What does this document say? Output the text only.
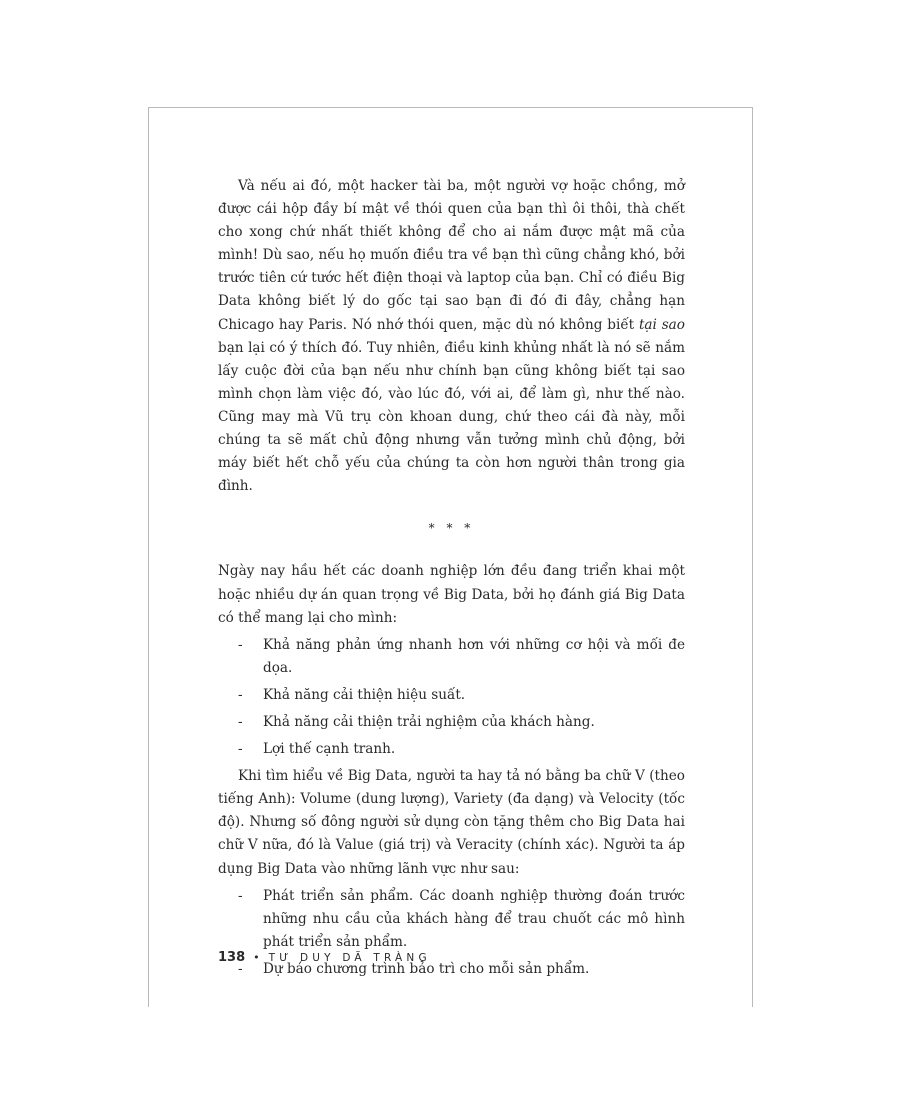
Và nếu ai đó, một hacker tài ba, một người vợ hoặc chồng, mở được cái hộp đầy bí mật về thói quen của bạn thì ôi thôi, thà chết cho xong chứ nhất thiết không để cho ai nắm được mật mã của mình! Dù sao, nếu họ muốn điều tra về bạn thì cũng chẳng khó, bởi trước tiên cứ tước hết điện thoại và laptop của bạn. Chỉ có điều Big Data không biết lý do gốc tại sao bạn đi đó đi đây, chẳng hạn Chicago hay Paris. Nó nhớ thói quen, mặc dù nó không biết tại sao bạn lại có ý thích đó. Tuy nhiên, điều kinh khủng nhất là nó sẽ nắm lấy cuộc đời của bạn nếu như chính bạn cũng không biết tại sao mình chọn làm việc đó, vào lúc đó, với ai, để làm gì, như thế nào. Cũng may mà Vũ trụ còn khoan dung, chứ theo cái đà này, mỗi chúng ta sẽ mất chủ động nhưng vẫn tưởng mình chủ động, bởi máy biết hết chỗ yếu của chúng ta còn hơn người thân trong gia đình.

* * *

Ngày nay hầu hết các doanh nghiệp lớn đều đang triển khai một hoặc nhiều dự án quan trọng về Big Data, bởi họ đánh giá Big Data có thể mang lại cho mình:

- Khả năng phản ứng nhanh hơn với những cơ hội và mối đe dọa.
- Khả năng cải thiện hiệu suất.
- Khả năng cải thiện trải nghiệm của khách hàng.
- Lợi thế cạnh tranh.

Khi tìm hiểu về Big Data, người ta hay tả nó bằng ba chữ V (theo tiếng Anh): Volume (dung lượng), Variety (đa dạng) và Velocity (tốc độ). Nhưng số đông người sử dụng còn tặng thêm cho Big Data hai chữ V nữa, đó là Value (giá trị) và Veracity (chính xác). Người ta áp dụng Big Data vào những lãnh vực như sau:

- Phát triển sản phẩm. Các doanh nghiệp thường đoán trước những nhu cầu của khách hàng để trau chuốt các mô hình phát triển sản phẩm.
- Dự báo chương trình bảo trì cho mỗi sản phẩm.
138 • TƯ DUY DÃ TRÀNG
